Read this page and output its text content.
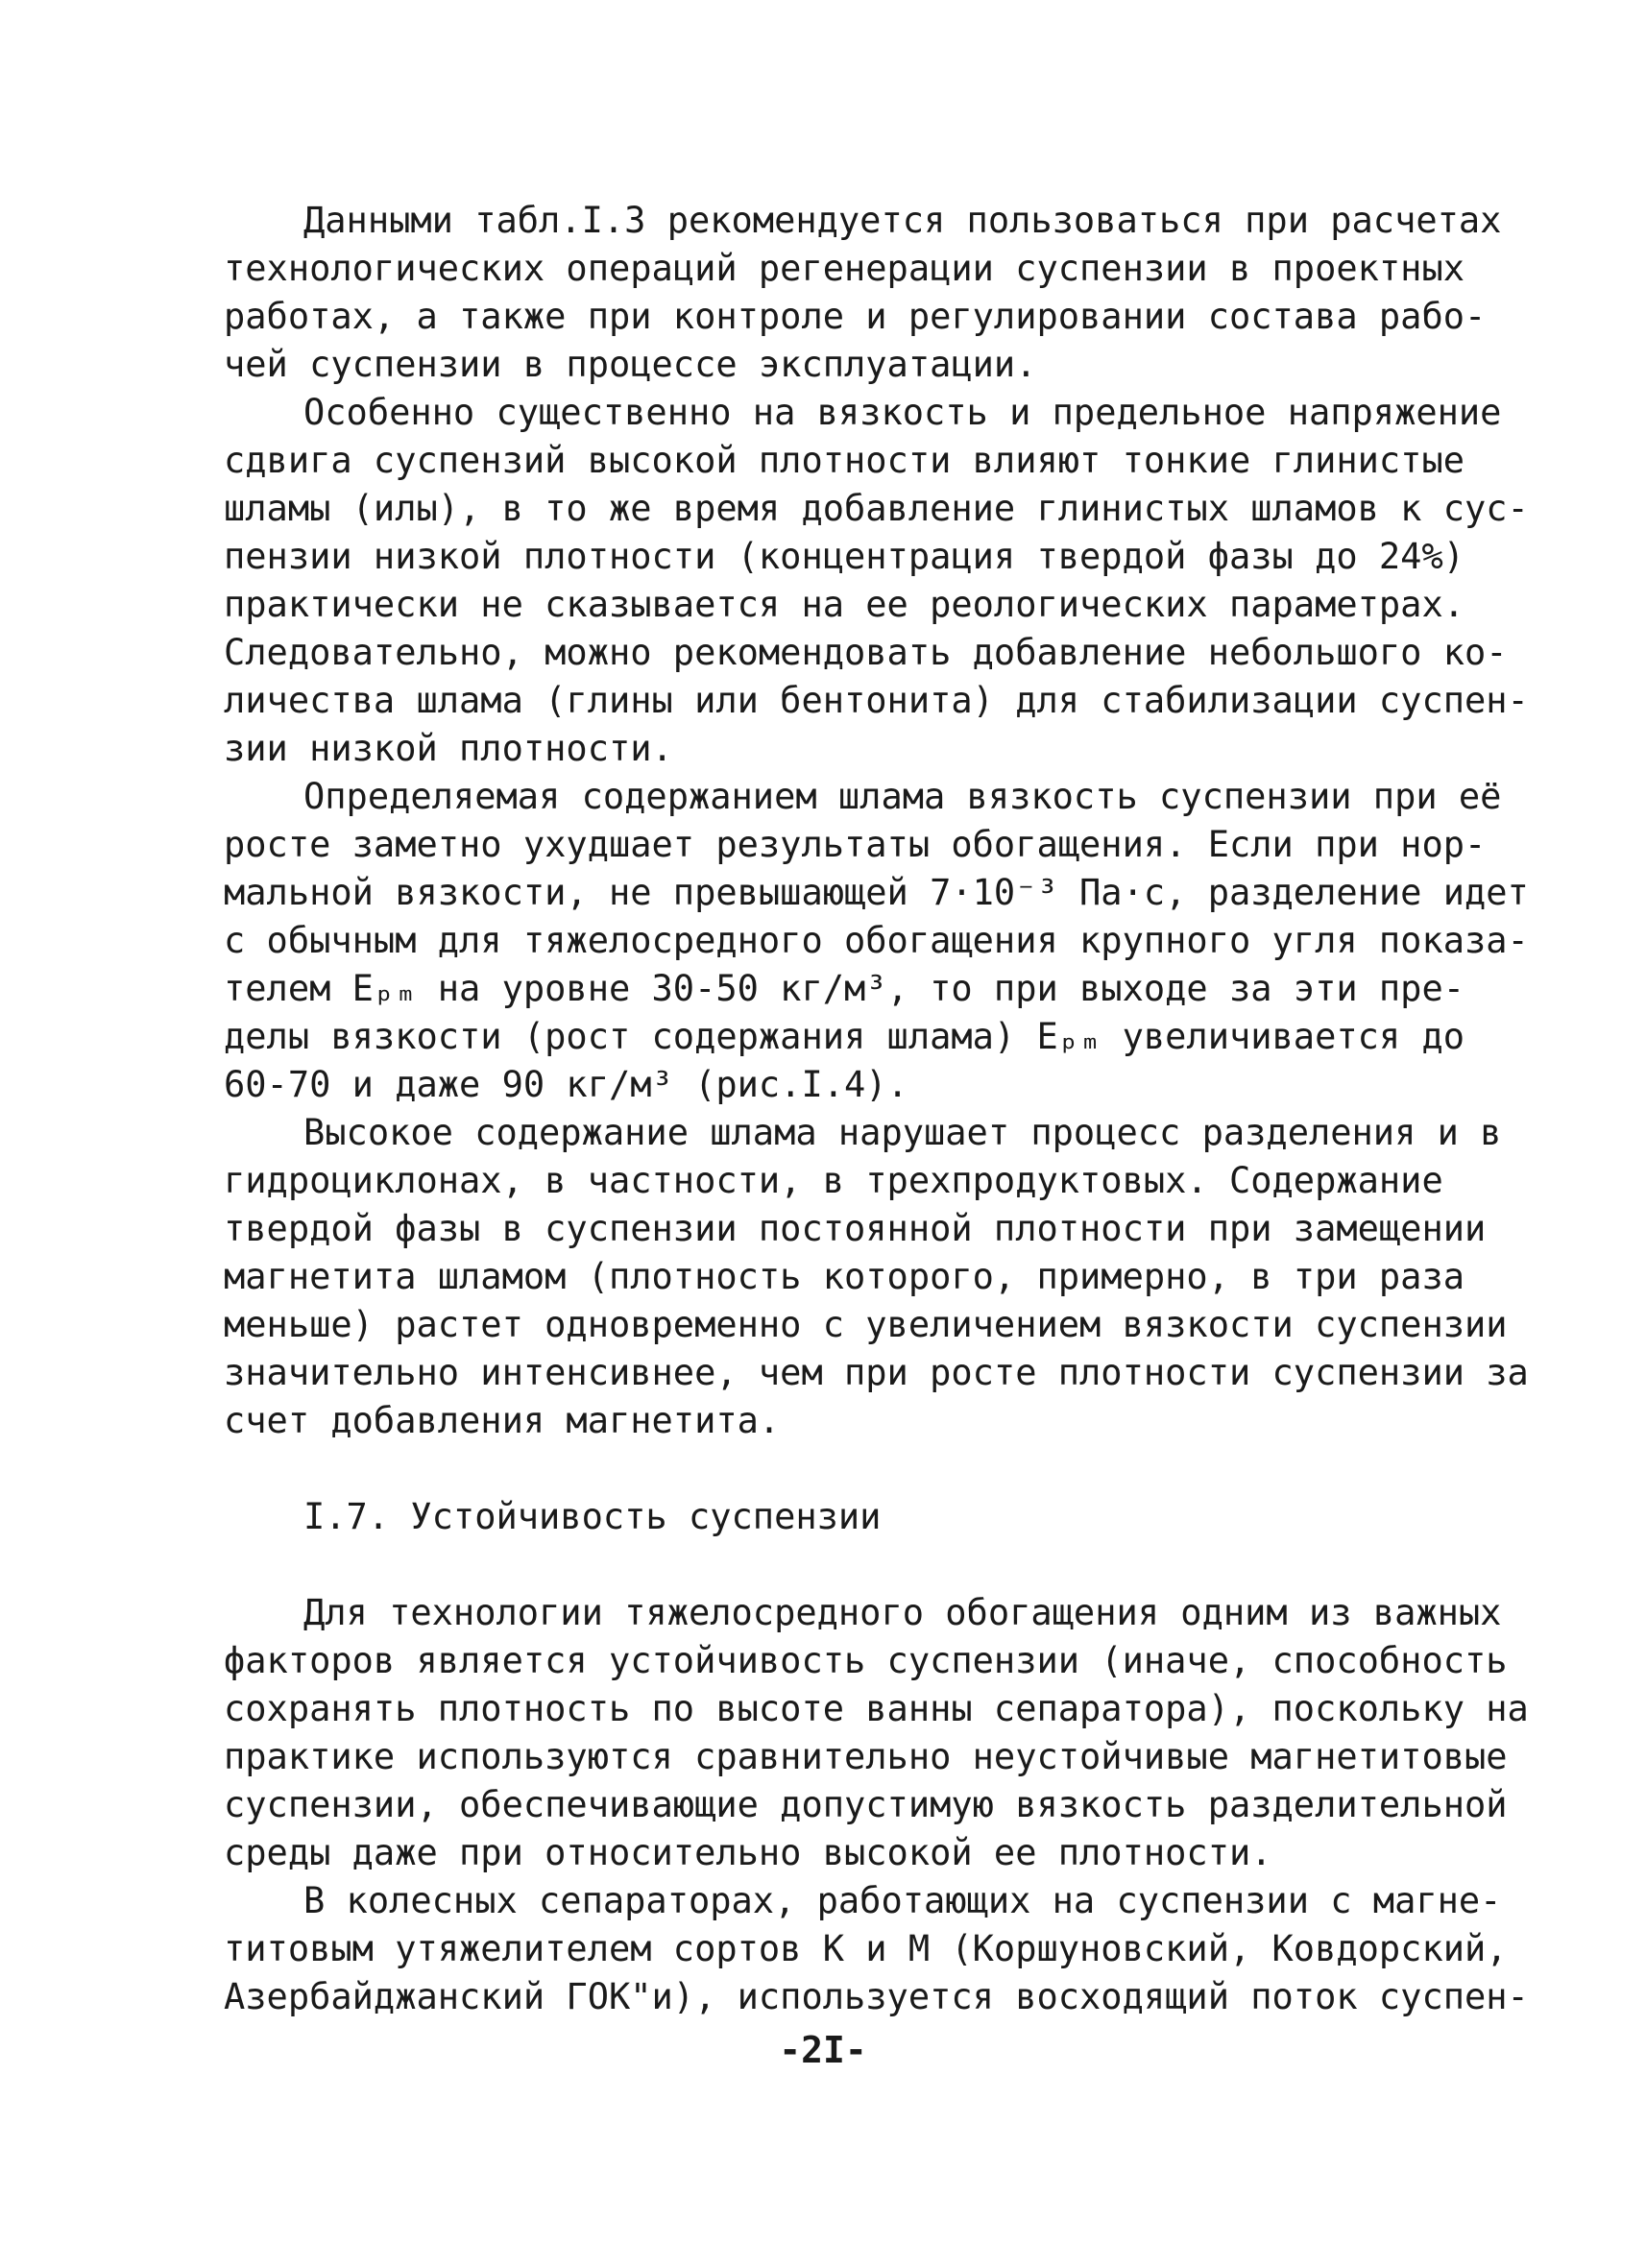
Данными табл.I.3 рекомендуется пользоваться при расчетах
технологических операций регенерации суспензии в проектных
работах, а также при контроле и регулировании состава рабо-
чей суспензии в процессе эксплуатации.
Особенно существенно на вязкость и предельное напряжение
сдвига суспензий высокой плотности влияют тонкие глинистые
шламы (илы), в то же время добавление глинистых шламов к сус-
пензии низкой плотности (концентрация твердой фазы до 24%)
практически не сказывается на ее реологических параметрах.
Следовательно, можно рекомендовать добавление небольшого ко-
личества шлама (глины или бентонита) для стабилизации суспен-
зии низкой плотности.
Определяемая содержанием шлама вязкость суспензии при её
росте заметно ухудшает результаты обогащения. Если при нор-
мальной вязкости, не превышающей 7·10⁻³ Па·с, разделение идет
с обычным для тяжелосредного обогащения крупного угля показа-
телем Eₚₘ на уровне 30-50 кг/м³, то при выходе за эти пре-
делы вязкости (рост содержания шлама) Eₚₘ увеличивается до
60-70 и даже 90 кг/м³ (рис.I.4).
Высокое содержание шлама нарушает процесс разделения и в
гидроциклонах, в частности, в трехпродуктовых. Содержание
твердой фазы в суспензии постоянной плотности при замещении
магнетита шламом (плотность которого, примерно, в три раза
меньше) растет одновременно с увеличением вязкости суспензии
значительно интенсивнее, чем при росте плотности суспензии за
счет добавления магнетита.
I.7. Устойчивость суспензии
Для технологии тяжелосредного обогащения одним из важных
факторов является устойчивость суспензии (иначе, способность
сохранять плотность по высоте ванны сепаратора), поскольку на
практике используются сравнительно неустойчивые магнетитовые
суспензии, обеспечивающие допустимую вязкость разделительной
среды даже при относительно высокой ее плотности.
В колесных сепараторах, работающих на суспензии с магне-
титовым утяжелителем сортов К и М (Коршуновский, Ковдорский,
Азербайджанский ГОК"и), используется восходящий поток суспен-
-2I-
